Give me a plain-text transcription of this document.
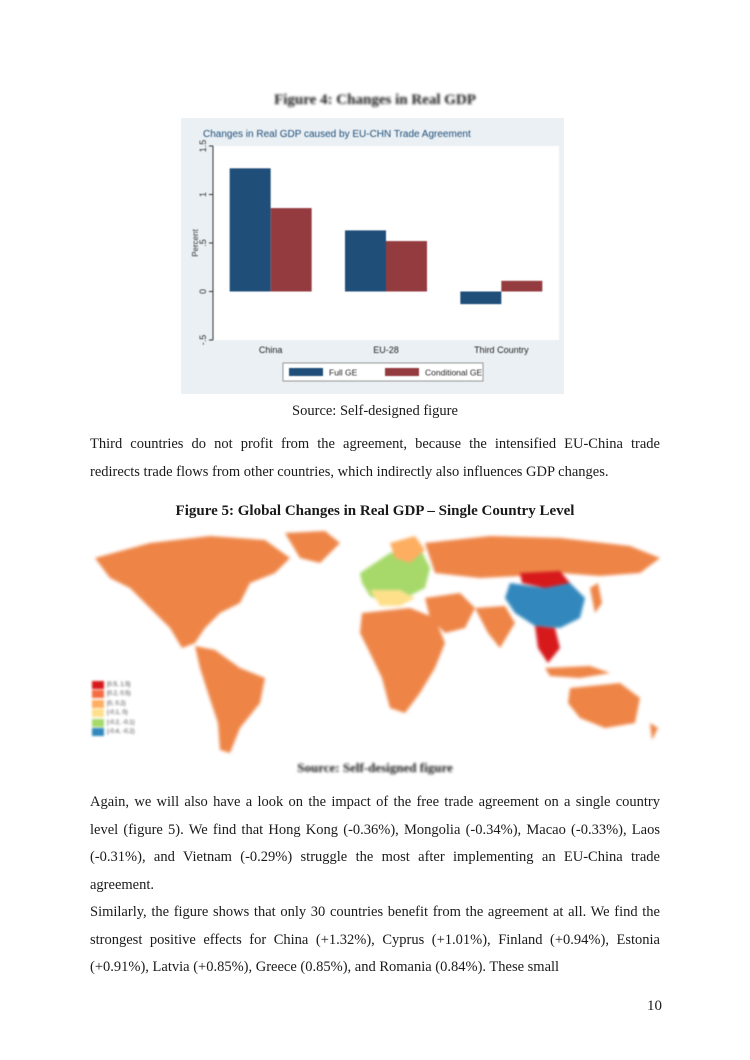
Figure 4: Changes in Real GDP
Changes in Real GDP caused by EU-CHN Trade Agreement
-.5
0
.5
1
1.5
Percent
China	EU-28	Third Country
Full GE	Conditional GE
Source: Self-designed figure

Third countries do not profit from the agreement, because the intensified EU-China trade redirects trade flows from other countries, which indirectly also influences GDP changes.

Figure 5: Global Changes in Real GDP – Single Country Level
[0.5, 1.5]
[0.2, 0.5)
[0, 0.2)
[-0.1, 0)
[-0.2, -0.1)
[-0.4, -0.2)
Source: Self-designed figure

Again, we will also have a look on the impact of the free trade agreement on a single country level (figure 5). We find that Hong Kong (-0.36%), Mongolia (-0.34%), Macao (-0.33%), Laos (-0.31%), and Vietnam (-0.29%) struggle the most after implementing an EU-China trade agreement.

Similarly, the figure shows that only 30 countries benefit from the agreement at all. We find the strongest positive effects for China (+1.32%), Cyprus (+1.01%), Finland (+0.94%), Estonia (+0.91%), Latvia (+0.85%), Greece (0.85%), and Romania (0.84%). These small

10
